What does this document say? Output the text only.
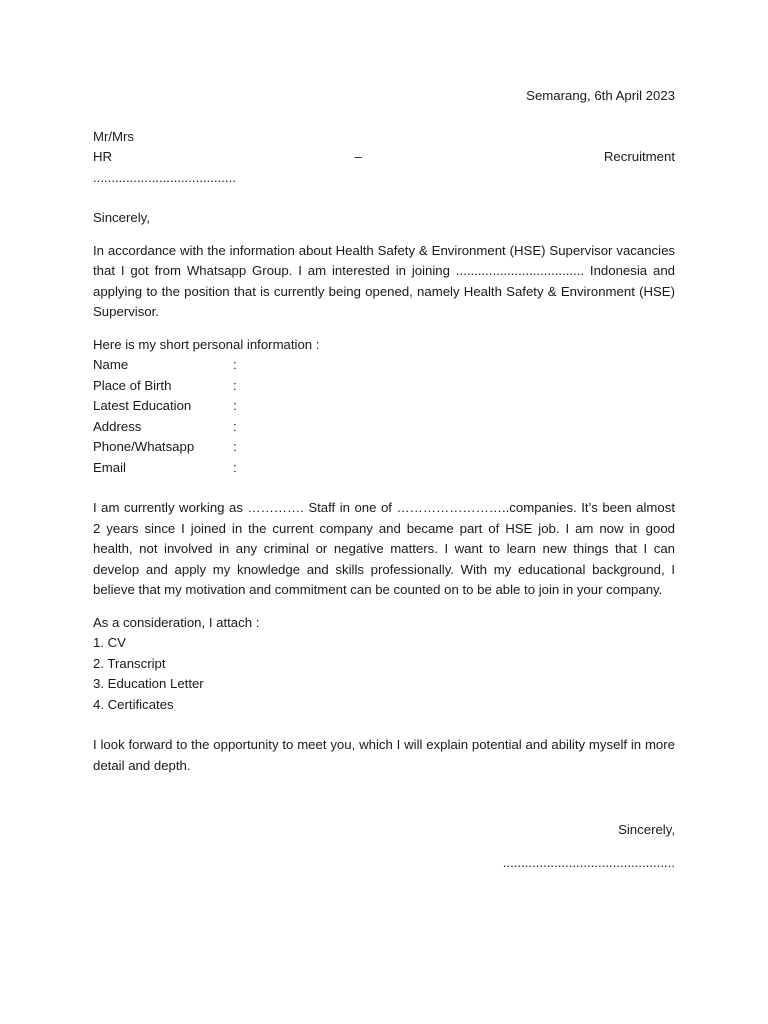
Semarang, 6th April 2023
Mr/Mrs
HR	–	Recruitment
.......................................
Sincerely,

In accordance with the information about Health Safety & Environment (HSE) Supervisor vacancies that I got from Whatsapp Group. I am interested in joining ................................... Indonesia and applying to the position that is currently being opened, namely Health Safety & Environment (HSE) Supervisor.

Here is my short personal information :
Name	:
Place of Birth	:
Latest Education	:
Address	:
Phone/Whatsapp	:
Email	:

I am currently working as …………. Staff in one of ……………………..companies. It’s been almost 2 years since I joined in the current company and became part of HSE job. I am now in good health, not involved in any criminal or negative matters. I want to learn new things that I can develop and apply my knowledge and skills professionally. With my educational background, I believe that my motivation and commitment can be counted on to be able to join in your company.

As a consideration, I attach :
1. CV
2. Transcript
3. Education Letter
4. Certificates

I look forward to the opportunity to meet you, which I will explain potential and ability myself in more detail and depth.

Sincerely,
...............................................
